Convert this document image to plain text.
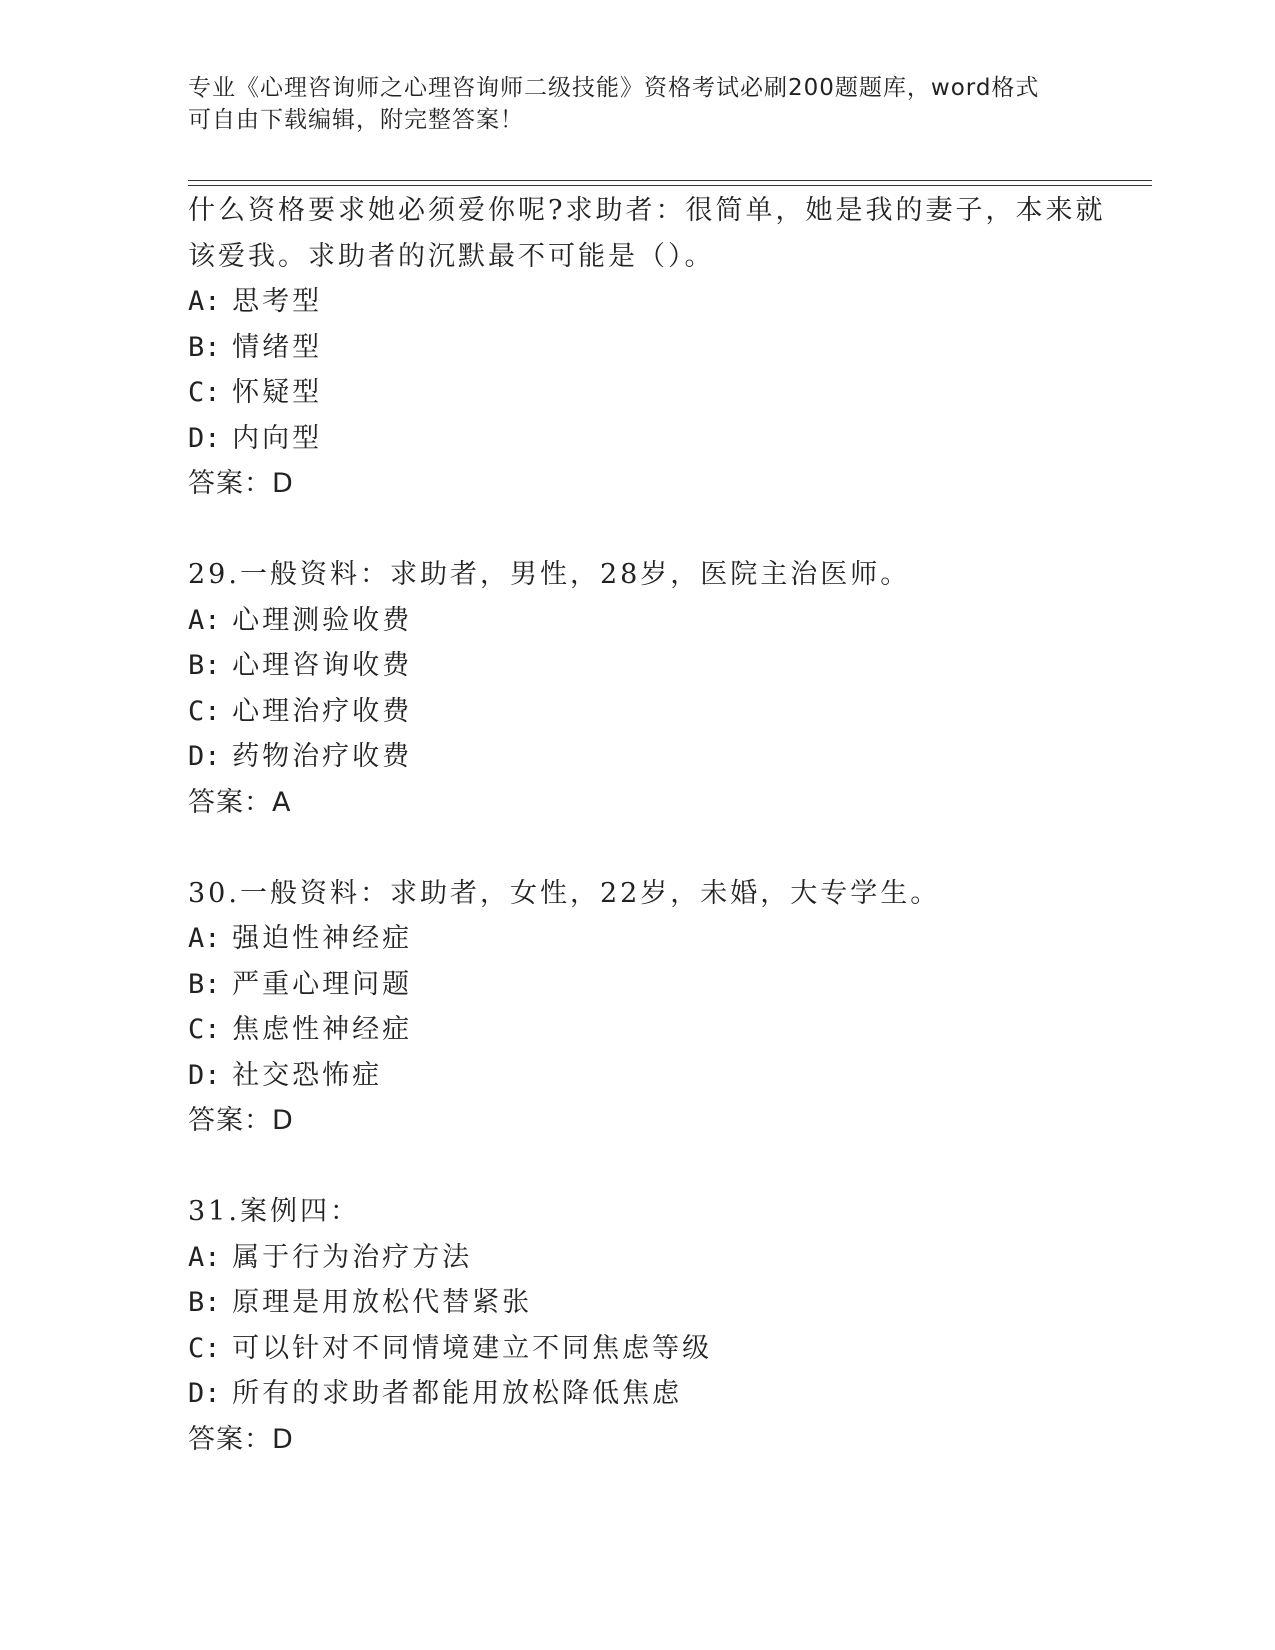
专业《心理咨询师之心理咨询师二级技能》资格考试必刷200题题库，word格式
可自由下载编辑，附完整答案！
什么资格要求她必须爱你呢?求助者：很简单，她是我的妻子，本来就
该爱我。求助者的沉默最不可能是（）。
A: 思考型
B: 情绪型
C: 怀疑型
D: 内向型
答案：D
29.一般资料：求助者，男性，28岁，医院主治医师。
A: 心理测验收费
B: 心理咨询收费
C: 心理治疗收费
D: 药物治疗收费
答案：A
30.一般资料：求助者，女性，22岁，未婚，大专学生。
A: 强迫性神经症
B: 严重心理问题
C: 焦虑性神经症
D: 社交恐怖症
答案：D
31.案例四：
A: 属于行为治疗方法
B: 原理是用放松代替紧张
C: 可以针对不同情境建立不同焦虑等级
D: 所有的求助者都能用放松降低焦虑
答案：D
